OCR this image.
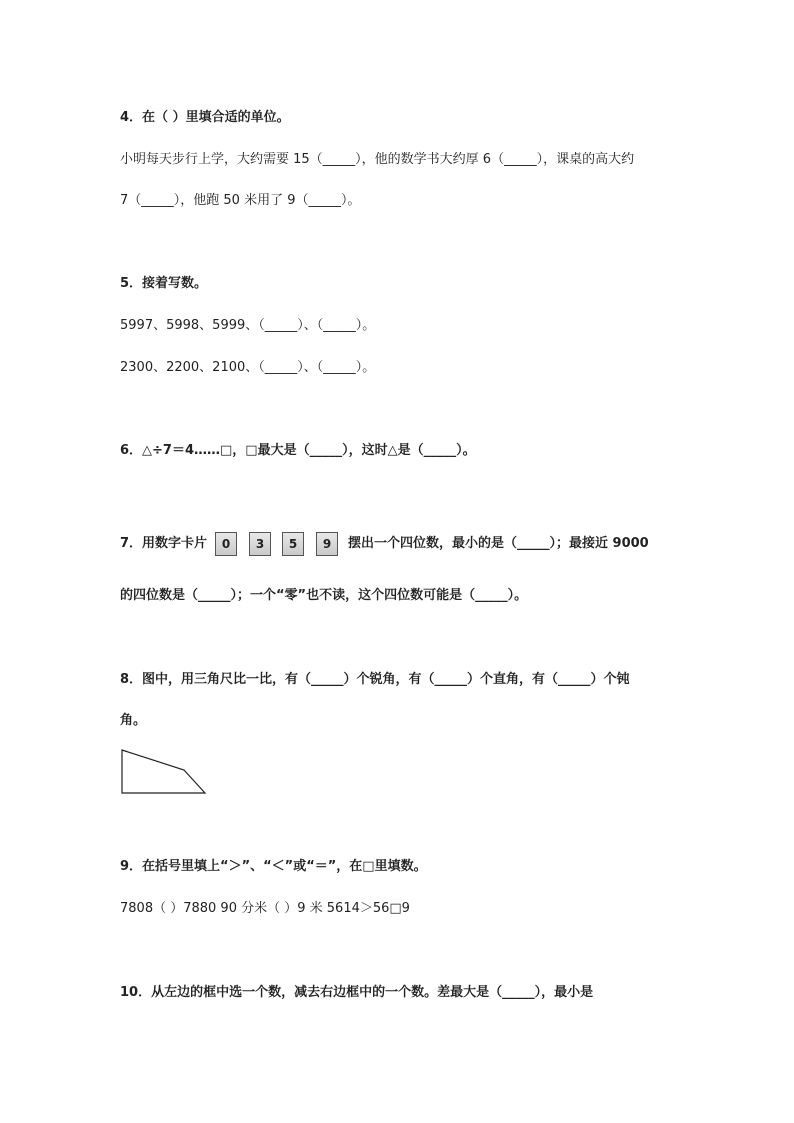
4．在（ ）里填合适的单位。
小明每天步行上学，大约需要 15（_____），他的数学书大约厚 6（_____），课桌的高大约
7（_____），他跑 50 米用了 9（_____）。
5．接着写数。
5997、5998、5999、（_____）、（_____）。
2300、2200、2100、（_____）、（_____）。
6．△÷7＝4……□，□最大是（_____），这时△是（_____）。
7．用数字卡片	0	3	5	9	摆出一个四位数，最小的是（_____）；最接近 9000
的四位数是（_____）；一个“零”也不读，这个四位数可能是（_____）。
8．图中，用三角尺比一比，有（_____）个锐角，有（_____）个直角，有（_____）个钝
角。
9．在括号里填上“＞”、“＜”或“＝”，在□里填数。
7808（ ）7880 90 分米（ ）9 米 5614＞56□9
10．从左边的框中选一个数，减去右边框中的一个数。差最大是（_____），最小是
